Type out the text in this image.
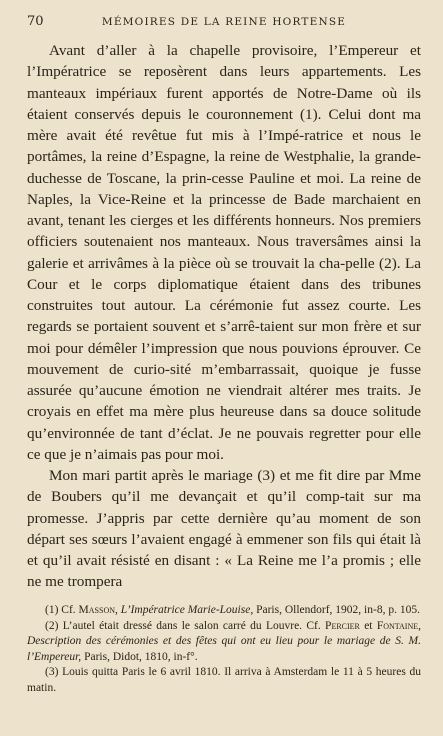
70	MÉMOIRES DE LA REINE HORTENSE

Avant d’aller à la chapelle provisoire, l’Empereur et l’Impératrice se reposèrent dans leurs appartements. Les manteaux impériaux furent apportés de Notre-Dame où ils étaient conservés depuis le couronnement (1). Celui dont ma mère avait été revêtue fut mis à l’Impé-ratrice et nous le portâmes, la reine d’Espagne, la reine de Westphalie, la grande-duchesse de Toscane, la prin-cesse Pauline et moi. La reine de Naples, la Vice-Reine et la princesse de Bade marchaient en avant, tenant les cierges et les différents honneurs. Nos premiers officiers soutenaient nos manteaux. Nous traversâmes ainsi la galerie et arrivâmes à la pièce où se trouvait la cha-pelle (2). La Cour et le corps diplomatique étaient dans des tribunes construites tout autour. La cérémonie fut assez courte. Les regards se portaient souvent et s’arrê-taient sur mon frère et sur moi pour démêler l’impression que nous pouvions éprouver. Ce mouvement de curio-sité m’embarrassait, quoique je fusse assurée qu’aucune émotion ne viendrait altérer mes traits. Je croyais en effet ma mère plus heureuse dans sa douce solitude qu’environnée de tant d’éclat. Je ne pouvais regretter pour elle ce que je n’aimais pas pour moi.

Mon mari partit après le mariage (3) et me fit dire par Mme de Boubers qu’il me devançait et qu’il comp-tait sur ma promesse. J’appris par cette dernière qu’au moment de son départ ses sœurs l’avaient engagé à emmener son fils qui était là et qu’il avait résisté en disant : « La Reine me l’a promis ; elle ne me trompera

(1) Cf. Masson, L’Impératrice Marie-Louise, Paris, Ollendorf, 1902, in-8, p. 105.

(2) L’autel était dressé dans le salon carré du Louvre. Cf. Percier et Fontaine, Description des cérémonies et des fêtes qui ont eu lieu pour le mariage de S. M. l’Empereur, Paris, Didot, 1810, in-f°.

(3) Louis quitta Paris le 6 avril 1810. Il arriva à Amsterdam le 11 à 5 heures du matin.
